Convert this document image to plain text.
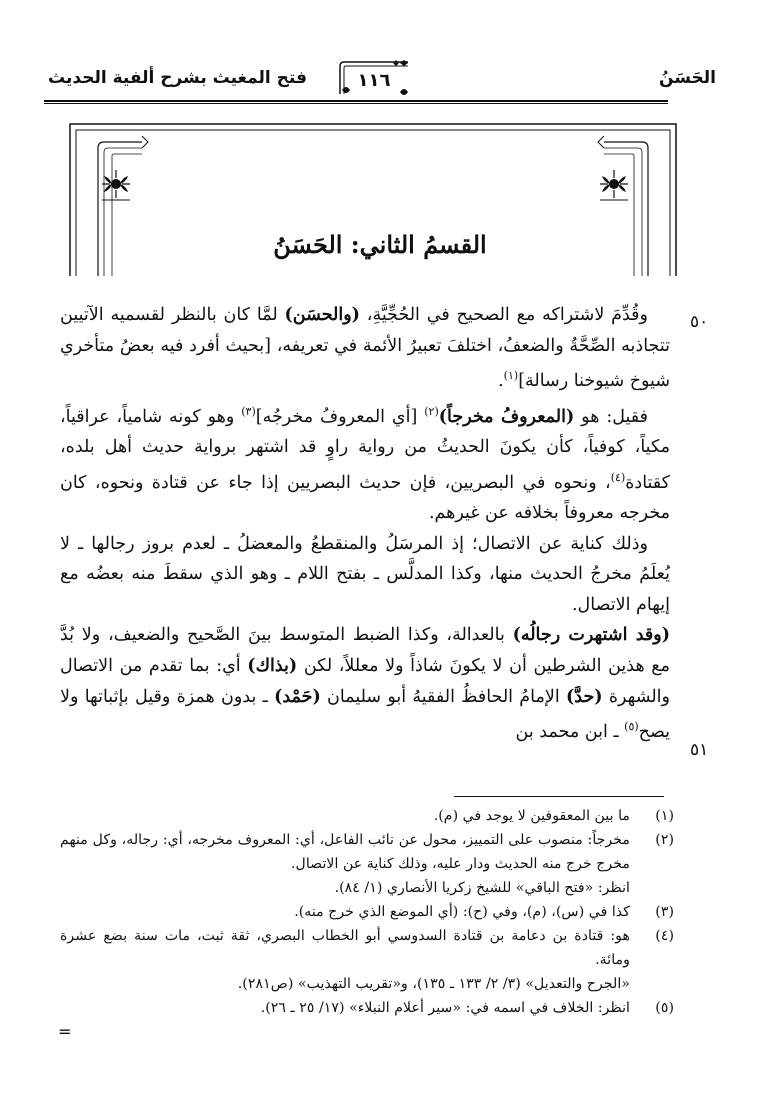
الحَسَنُ
١١٦
فتح المغيث بشرح ألفية الحديث
القسمُ الثاني: الحَسَنُ
٥٠
٥١

وقُدِّمَ لاشتراكه مع الصحيح في الحُجِّيَّةِ، (والحسَن) لمَّا كان بالنظر لقسميه الآتيين تتجاذبه الصِّحَّةُ والضعفُ، اختلفَ تعبيرُ الأئمة في تعريفه، [بحيث أفرد فيه بعضُ متأخري شيوخ شيوخنا رسالة]$^{(١)}$.

فقيل: هو (المعروفُ مخرجاً)$^{(٢)}$ [أي المعروفُ مخرجُه]$^{(٣)}$ وهو كونه شامياً، عراقياً، مكياً، كوفياً، كأن يكونَ الحديثُ من رواية راوٍ قد اشتهر برواية حديث أهل بلده، كقتادة$^{(٤)}$، ونحوه في البصريين، فإن حديث البصريين إذا جاء عن قتادة ونحوه، كان مخرجه معروفاً بخلافه عن غيرهم.

وذلك كناية عن الاتصال؛ إذ المرسَلُ والمنقطعُ والمعضلُ ـ لعدم بروز رجالها ـ لا يُعلَمُ مخرجُ الحديث منها، وكذا المدلَّس ـ بفتح اللام ـ وهو الذي سقطَ منه بعضُه مع إيهام الاتصال.

(وقد اشتهرت رجالُه) بالعدالة، وكذا الضبط المتوسط بينَ الصَّحيح والضعيف، ولا بُدَّ مع هذين الشرطين أن لا يكونَ شاذاً ولا معللاً، لكن (بذاك) أي: بما تقدم من الاتصال والشهرة (حدَّ) الإمامُ الحافظُ الفقيهُ أبو سليمان (حَمْد) ـ بدون همزة وقيل بإثباتها ولا يصح$^{(٥)}$ ـ ابن محمد بن

(١)
ما بين المعقوفين لا يوجد في (م).
(٢)
مخرجاً: منصوب على التمييز، محول عن نائب الفاعل، أي: المعروف مخرجه، أي: رجاله، وكل منهم مخرج خرج منه الحديث ودار عليه، وذلك كناية عن الاتصال.
انظر: «فتح الباقي» للشيخ زكريا الأنصاري (١/ ٨٤).
(٣)
كذا في (س)، (م)، وفي (ح): (أي الموضع الذي خرج منه).
(٤)
هو: قتادة بن دعامة بن قتادة السدوسي أبو الخطاب البصري، ثقة ثبت، مات سنة بضع عشرة ومائة.
«الجرح والتعديل» (٣/ ٢/ ١٣٣ ـ ١٣٥)، و«تقريب التهذيب» (ص٢٨١).
(٥)
انظر: الخلاف في اسمه في: «سير أعلام النبلاء» (١٧/ ٢٥ ـ ٢٦).
=
